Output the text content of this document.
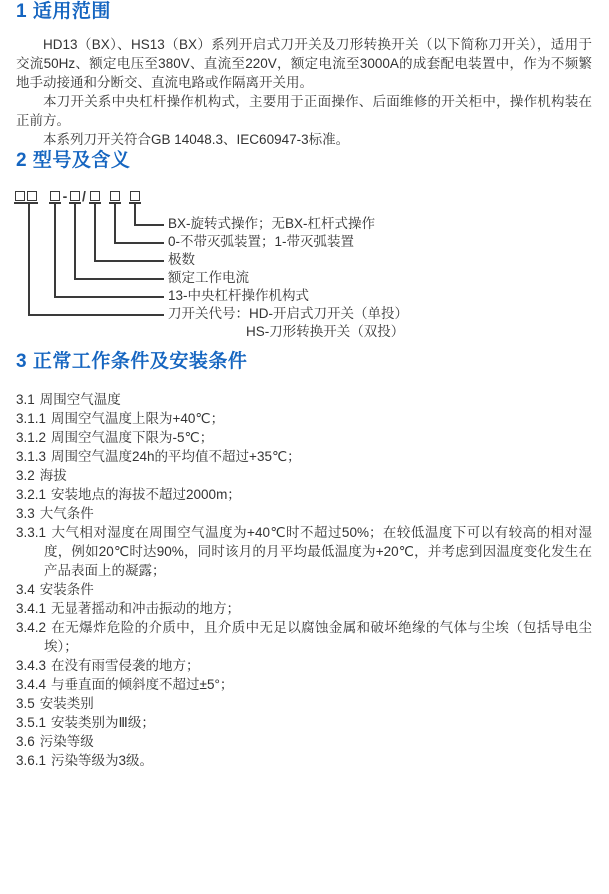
1 适用范围

HD13（BX）、HS13（BX）系列开启式刀开关及刀形转换开关（以下简称刀开关），适用于交流50Hz、额定电压至380V、直流至220V，额定电流至3000A的成套配电装置中，作为不频繁地手动接通和分断交、直流电路或作隔离开关用。

本刀开关系中央杠杆操作机构式，主要用于正面操作、后面维修的开关柜中，操作机构装在正前方。

本系列刀开关符合GB 14048.3、IEC60947-3标准。

2 型号及含义
- /
BX-旋转式操作；无BX-杠杆式操作
0-不带灭弧装置；1-带灭弧装置
极数
额定工作电流
13-中央杠杆操作机构式
刀开关代号：HD-开启式刀开关（单投）
HS-刀形转换开关（双投）
3 正常工作条件及安装条件
3.1 周围空气温度
3.1.1 周围空气温度上限为+40℃；
3.1.2 周围空气温度下限为-5℃；
3.1.3 周围空气温度24h的平均值不超过+35℃；
3.2 海拔
3.2.1 安装地点的海拔不超过2000m；
3.3 大气条件
3.3.1 大气相对湿度在周围空气温度为+40℃时不超过50%；在较低温度下可以有较高的相对湿度，例如20℃时达90%，同时该月的月平均最低温度为+20℃，并考虑到因温度变化发生在产品表面上的凝露；
3.4 安装条件
3.4.1 无显著摇动和冲击振动的地方；
3.4.2 在无爆炸危险的介质中，且介质中无足以腐蚀金属和破坏绝缘的气体与尘埃（包括导电尘埃）；
3.4.3 在没有雨雪侵袭的地方；
3.4.4 与垂直面的倾斜度不超过±5°；
3.5 安装类别
3.5.1 安装类别为Ⅲ级；
3.6 污染等级
3.6.1 污染等级为3级。
